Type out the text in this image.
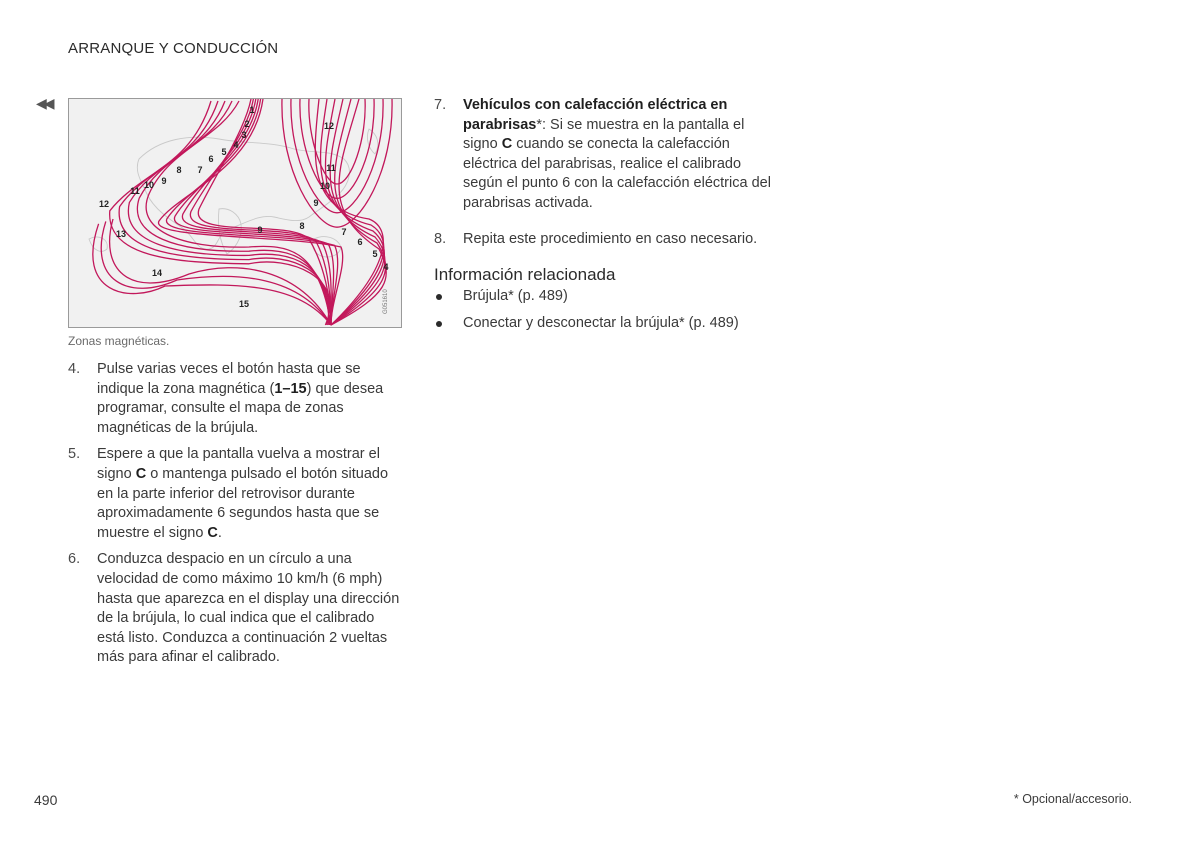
ARRANQUE Y CONDUCCIÓN
◀◀	1
2
3
4
5
6
7
8
9
10
11
12
13
14
15
12
11
10
9
9	8
7
6
5
4
G051610
Zonas magnéticas.
4. Pulse varias veces el botón hasta que se indique la zona magnética (1–15) que desea programar, consulte el mapa de zonas magnéticas de la brújula.
5. Espere a que la pantalla vuelva a mostrar el signo C o mantenga pulsado el botón situado en la parte inferior del retrovisor durante aproximadamente 6 segundos hasta que se muestre el signo C.
6. Conduzca despacio en un círculo a una velocidad de como máximo 10 km/h (6 mph) hasta que aparezca en el display una dirección de la brújula, lo cual indica que el calibrado está listo. Conduzca a continuación 2 vueltas más para afinar el calibrado.
7. Vehículos con calefacción eléctrica en parabrisas*: Si se muestra en la pantalla el signo C cuando se conecta la calefacción eléctrica del parabrisas, realice el calibrado según el punto 6 con la calefacción eléctrica del parabrisas activada.
8. Repita este procedimiento en caso necesario.
Información relacionada
Brújula* (p. 489)
Conectar y desconectar la brújula* (p. 489)
490	* Opcional/accesorio.
